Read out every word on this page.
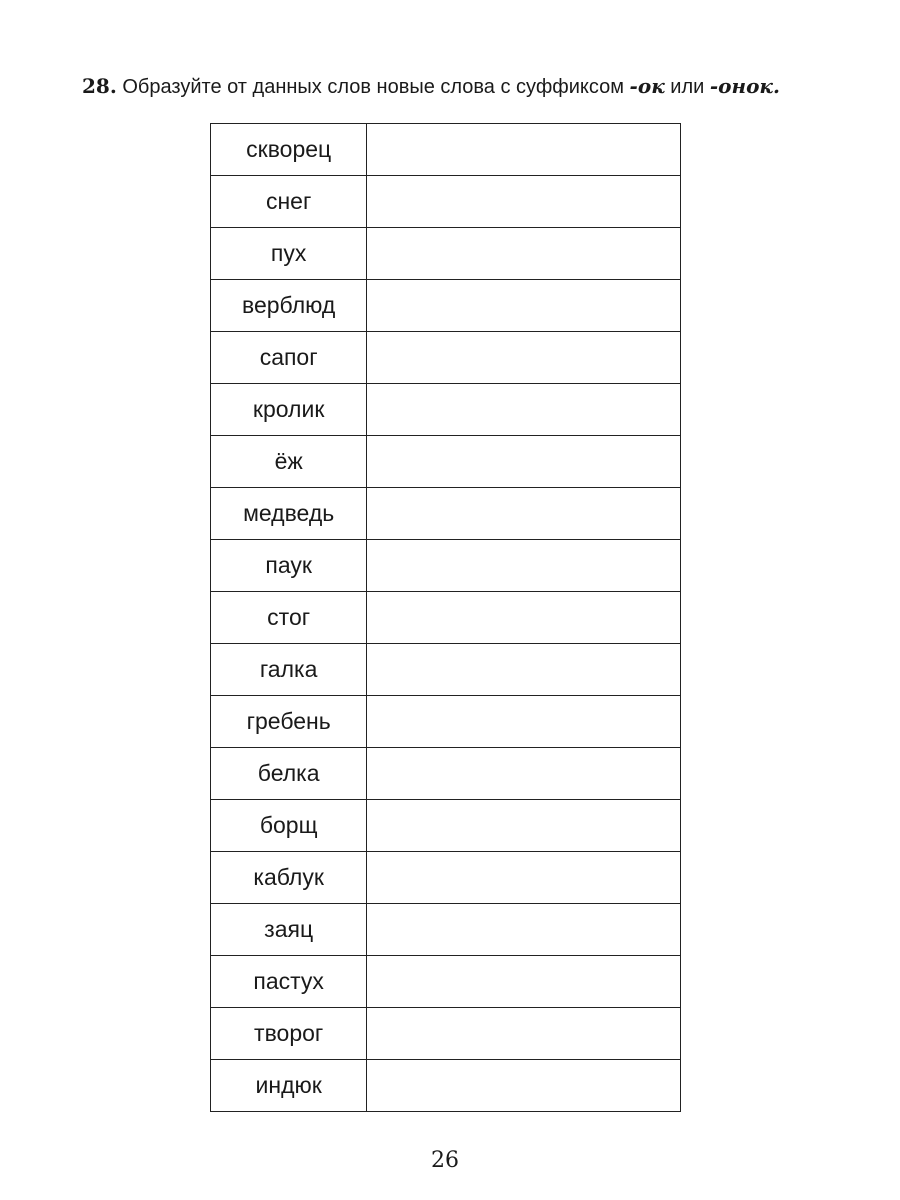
28. Образуйте от данных слов новые слова с суффиксом -ок или -онок.
скворец	
снег	
пух	
верблюд	
сапог	
кролик	
ёж	
медведь	
паук	
стог	
галка	
гребень	
белка	
борщ	
каблук	
заяц	
пастух	
творог	
индюк	
26
